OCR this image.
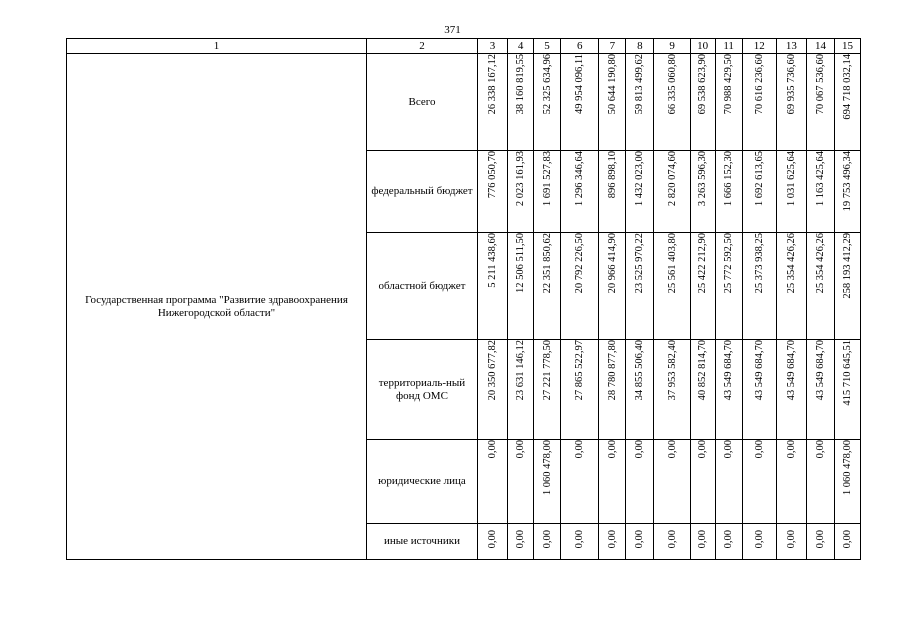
371
1	2	3	4	5	6	7	8	9	10	11	12	13	14	15
Государственная программа "Развитие здравоохранения Нижегородской области"	Всего	26 338 167,12	38 160 819,55	52 325 634,96	49 954 096,11	50 644 190,80	59 813 499,62	66 335 060,80	69 538 623,90	70 988 429,50	70 616 236,60	69 935 736,60	70 067 536,60	694 718 032,14
	федеральный бюджет	776 050,70	2 023 161,93	1 691 527,83	1 296 346,64	896 898,10	1 432 023,00	2 820 074,60	3 263 596,30	1 666 152,30	1 692 613,65	1 031 625,64	1 163 425,64	19 753 496,34
	областной бюджет	5 211 438,60	12 506 511,50	22 351 850,62	20 792 226,50	20 966 414,90	23 525 970,22	25 561 403,80	25 422 212,90	25 772 592,50	25 373 938,25	25 354 426,26	25 354 426,26	258 193 412,29
	территориаль-ный фонд ОМС	20 350 677,82	23 631 146,12	27 221 778,50	27 865 522,97	28 780 877,80	34 855 506,40	37 953 582,40	40 852 814,70	43 549 684,70	43 549 684,70	43 549 684,70	43 549 684,70	415 710 645,51
	юридические лица	0,00	0,00	1 060 478,00	0,00	0,00	0,00	0,00	0,00	0,00	0,00	0,00	0,00	1 060 478,00
	иные источники	0,00	0,00	0,00	0,00	0,00	0,00	0,00	0,00	0,00	0,00	0,00	0,00	0,00
